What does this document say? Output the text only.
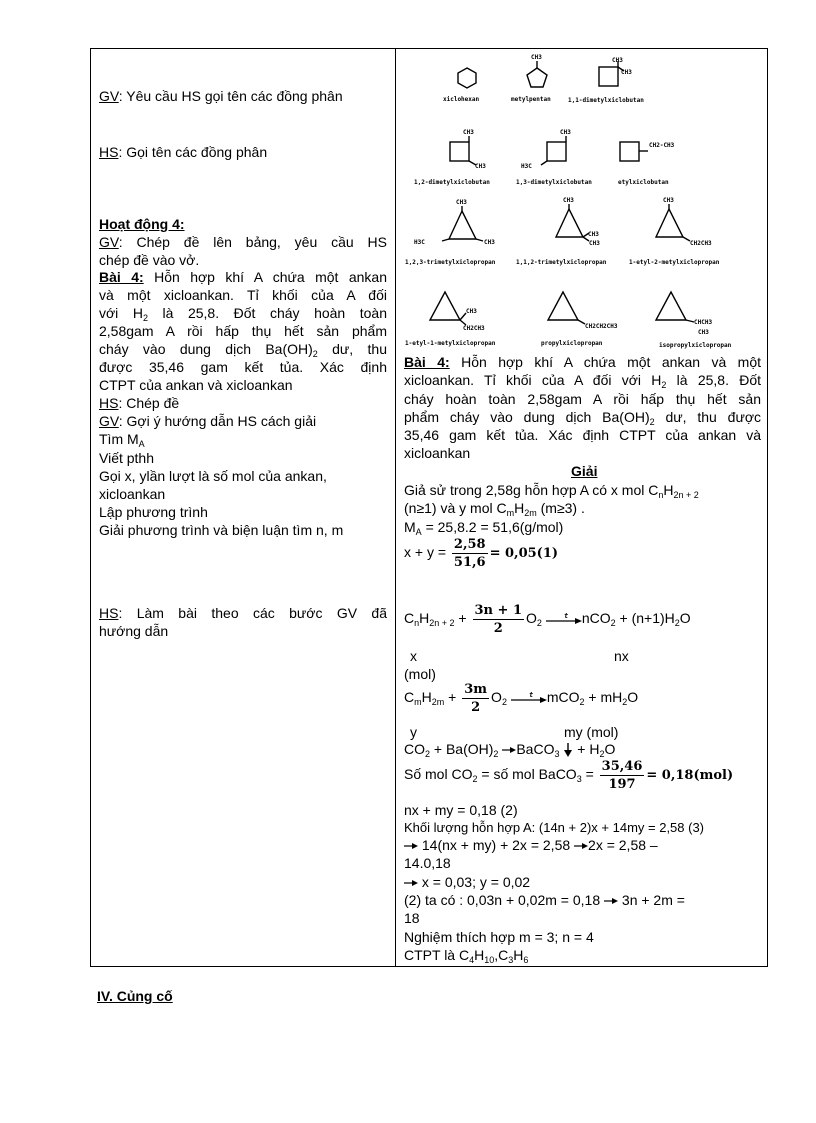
GV: Yêu cầu HS gọi tên các đồng phân
HS: Gọi tên các đồng phân
Hoạt động 4:
GV: Chép đề lên bảng, yêu cầu HS
chép đề vào vở.
Bài 4: Hỗn hợp khí A chứa một ankan
và một xicloankan. Tỉ khối của A đối
với $H_2$ là 25,8. Đốt cháy hoàn toàn
2,58gam A rồi hấp thụ hết sản phẩm
cháy vào dung dịch $Ba(OH)_2$ dư, thu
được 35,46 gam kết tủa. Xác định
CTPT của ankan và xicloankan
HS: Chép đề
GV: Gợi ý hướng dẫn HS cách giải
Tìm $M_A$
Viết pthh
Gọi x, ylần lượt là số mol của ankan,
xicloankan
Lập phương trình
Giải phương trình và biện luận tìm n, m
HS: Làm bài theo các bước GV đã
hướng dẫn
CH3	CH3
CH3
xiclohexan	metylpentan	1,1-dimetylxiclobutan
CH3
CH3
CH3
H3C
CH2-CH3
1,2-dimetylxiclobutan	1,3-dimetylxiclobutan	etylxiclobutan
CH3
H3C	CH3
CH3
CH3
CH3
CH3
CH2CH3
1,2,3-trimetylxiclopropan	1,1,2-trimetylxiclopropan	1-etyl-2-metylxiclopropan
CH3
CH2CH3	CH2CH2CH3
CHCH3
CH3
1-etyl-1-metylxiclopropan	propylxiclopropan	isopropylxiclopropan
Bài 4: Hỗn hợp khí A chứa một ankan và một
xicloankan. Tỉ khối của A đối với $H_2$ là 25,8. Đốt
cháy hoàn toàn 2,58gam A rồi hấp thụ hết sản
phẩm cháy vào dung dịch $Ba(OH)_2$ dư, thu được
35,46 gam kết tủa. Xác định CTPT của ankan và
xicloankan
Giải
Giả sử trong 2,58g hỗn hợp A có x mol $C_nH_{2n + 2}$
(n≥1) và y mol $C_mH_{2m}$ (m≥3) .
$M_A = 25,8.2 = 51,6(g/mol)$
$x + y = \frac{2,58}{51,6} = 0,05(1)$
$C_nH_{2n + 2} + \frac{3n + 1}{2} O_2$
t $nCO_2 + (n+1)H_2O$
x	nx
(mol)
$C_mH_{2m} + \frac{3m}{2} O_2$
t $mCO_2 + mH_2O$
y	my (mol)
$CO_2 + Ba(OH)_2$ BaCO$_3$  + $H_2O$
Số mol $CO_2$ = số mol BaCO$_3$ = $\frac{35,46}{197} = 0,18(mol)$
nx + my = 0,18 (2)
Khối lượng hỗn hợp A: (14n + 2)x + 14my = 2,58 (3)
14(nx + my) + 2x = 2,58 2x = 2,58 –
14.0,18
x = 0,03; y = 0,02
(2) ta có : 0,03n + 0,02m = 0,18 3n + 2m =
18
Nghiệm thích hợp m = 3; n = 4
CTPT là $C_4H_{10},C_3H_6$
IV. Củng cố
